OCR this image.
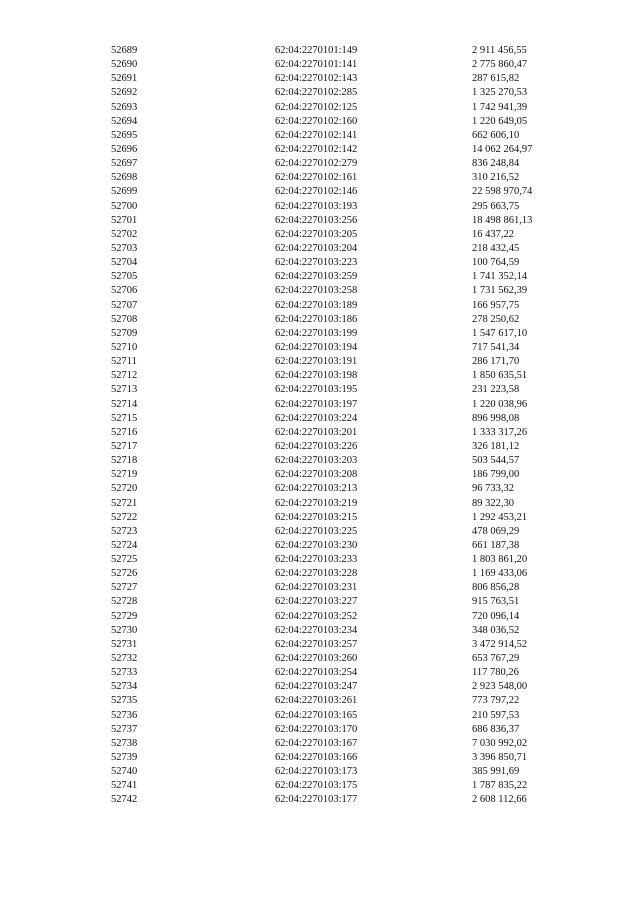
52689	62:04:2270101:149	2 911 456,55
52690	62:04:2270101:141	2 775 860,47
52691	62:04:2270102:143	287 615,82
52692	62:04:2270102:285	1 325 270,53
52693	62:04:2270102:125	1 742 941,39
52694	62:04:2270102:160	1 220 649,05
52695	62:04:2270102:141	662 606,10
52696	62:04:2270102:142	14 062 264,97
52697	62:04:2270102:279	836 248,84
52698	62:04:2270102:161	310 216,52
52699	62:04:2270102:146	22 598 970,74
52700	62:04:2270103:193	295 663,75
52701	62:04:2270103:256	18 498 861,13
52702	62:04:2270103:205	16 437,22
52703	62:04:2270103:204	218 432,45
52704	62:04:2270103:223	100 764,59
52705	62:04:2270103:259	1 741 352,14
52706	62:04:2270103:258	1 731 562,39
52707	62:04:2270103:189	166 957,75
52708	62:04:2270103:186	278 250,62
52709	62:04:2270103:199	1 547 617,10
52710	62:04:2270103:194	717 541,34
52711	62:04:2270103:191	286 171,70
52712	62:04:2270103:198	1 850 635,51
52713	62:04:2270103:195	231 223,58
52714	62:04:2270103:197	1 220 038,96
52715	62:04:2270103:224	896 998,08
52716	62:04:2270103:201	1 333 317,26
52717	62:04:2270103:226	326 181,12
52718	62:04:2270103:203	503 544,57
52719	62:04:2270103:208	186 799,00
52720	62:04:2270103:213	96 733,32
52721	62:04:2270103:219	89 322,30
52722	62:04:2270103:215	1 292 453,21
52723	62:04:2270103:225	478 069,29
52724	62:04:2270103:230	661 187,38
52725	62:04:2270103:233	1 803 861,20
52726	62:04:2270103:228	1 169 433,06
52727	62:04:2270103:231	806 856,28
52728	62:04:2270103:227	915 763,51
52729	62:04:2270103:252	720 096,14
52730	62:04:2270103:234	348 036,52
52731	62:04:2270103:257	3 472 914,52
52732	62:04:2270103:260	653 767,29
52733	62:04:2270103:254	117 780,26
52734	62:04:2270103:247	2 923 548,00
52735	62:04:2270103:261	773 797,22
52736	62:04:2270103:165	210 597,53
52737	62:04:2270103:170	686 836,37
52738	62:04:2270103:167	7 030 992,02
52739	62:04:2270103:166	3 396 850,71
52740	62:04:2270103:173	385 991,69
52741	62:04:2270103:175	1 787 835,22
52742	62:04:2270103:177	2 608 112,66
